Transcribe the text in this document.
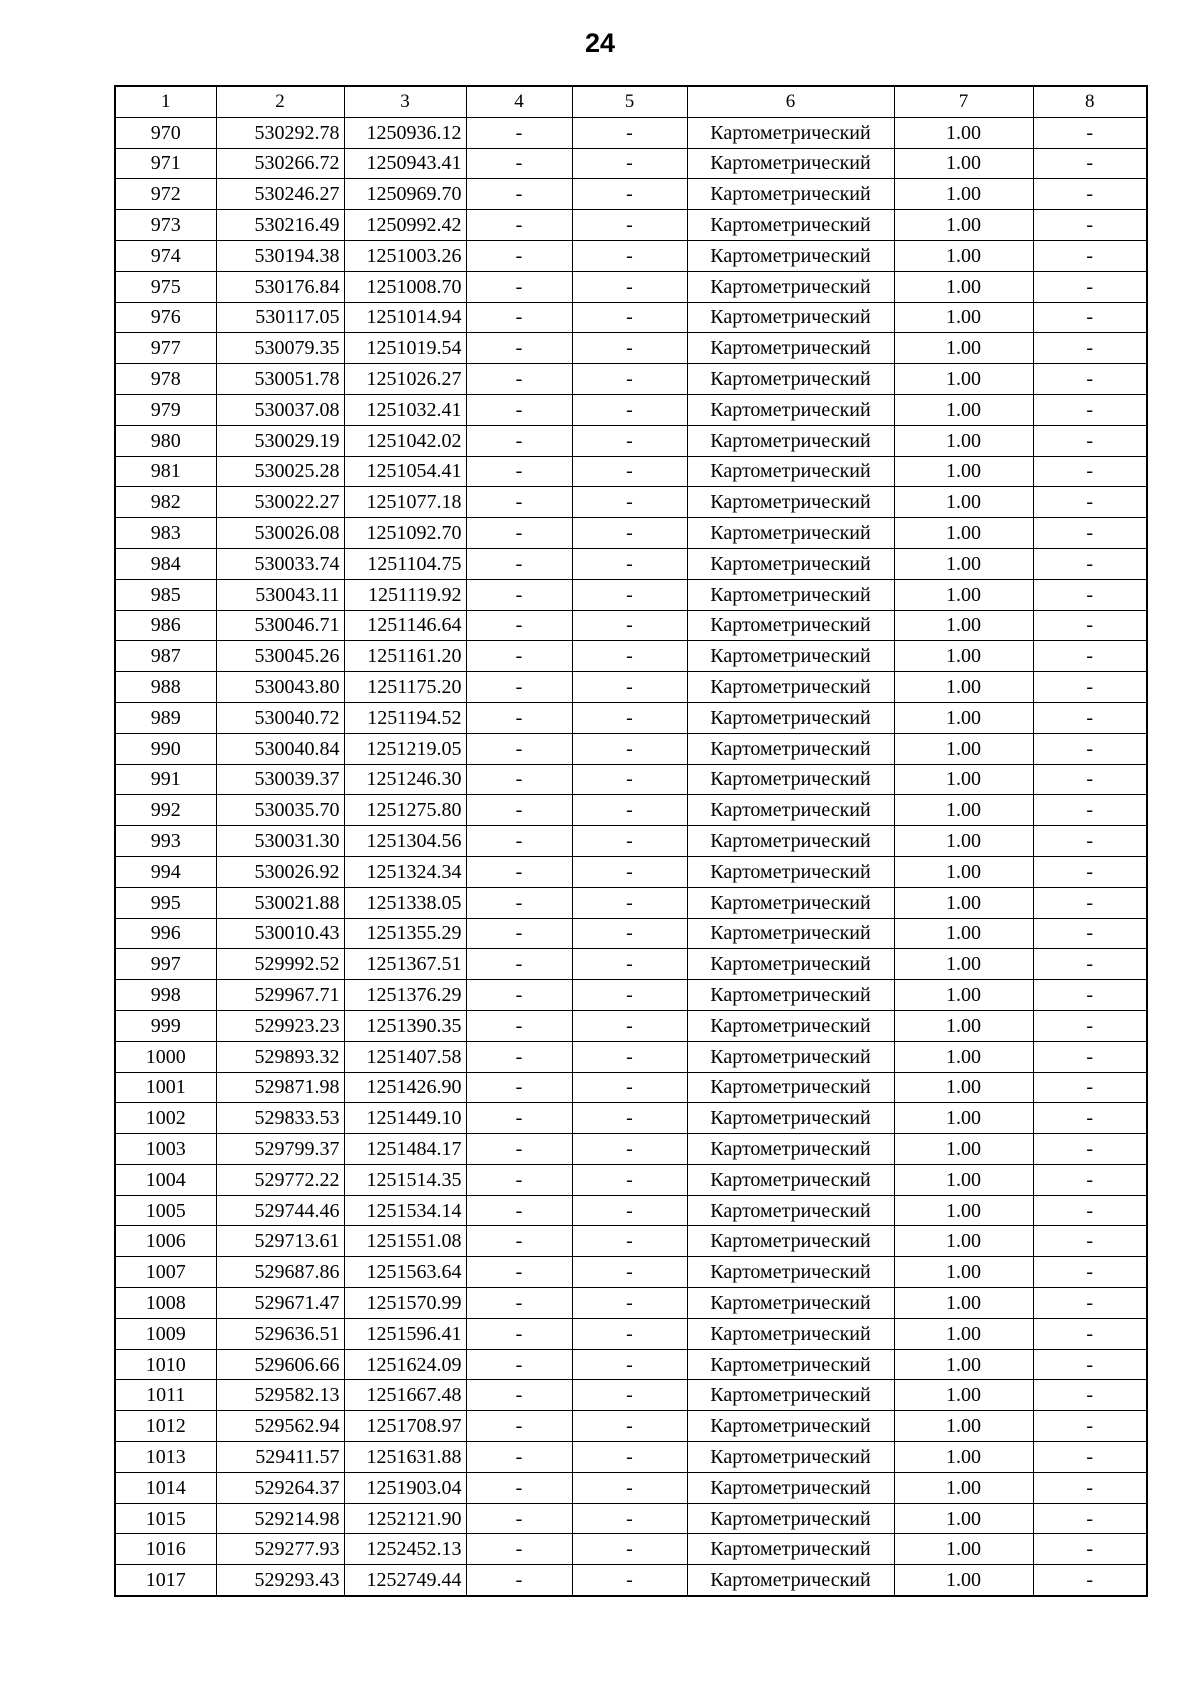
24
1	2	3	4	5	6	7	8
970	530292.78	1250936.12	-	-	Картометрический	1.00	-
971	530266.72	1250943.41	-	-	Картометрический	1.00	-
972	530246.27	1250969.70	-	-	Картометрический	1.00	-
973	530216.49	1250992.42	-	-	Картометрический	1.00	-
974	530194.38	1251003.26	-	-	Картометрический	1.00	-
975	530176.84	1251008.70	-	-	Картометрический	1.00	-
976	530117.05	1251014.94	-	-	Картометрический	1.00	-
977	530079.35	1251019.54	-	-	Картометрический	1.00	-
978	530051.78	1251026.27	-	-	Картометрический	1.00	-
979	530037.08	1251032.41	-	-	Картометрический	1.00	-
980	530029.19	1251042.02	-	-	Картометрический	1.00	-
981	530025.28	1251054.41	-	-	Картометрический	1.00	-
982	530022.27	1251077.18	-	-	Картометрический	1.00	-
983	530026.08	1251092.70	-	-	Картометрический	1.00	-
984	530033.74	1251104.75	-	-	Картометрический	1.00	-
985	530043.11	1251119.92	-	-	Картометрический	1.00	-
986	530046.71	1251146.64	-	-	Картометрический	1.00	-
987	530045.26	1251161.20	-	-	Картометрический	1.00	-
988	530043.80	1251175.20	-	-	Картометрический	1.00	-
989	530040.72	1251194.52	-	-	Картометрический	1.00	-
990	530040.84	1251219.05	-	-	Картометрический	1.00	-
991	530039.37	1251246.30	-	-	Картометрический	1.00	-
992	530035.70	1251275.80	-	-	Картометрический	1.00	-
993	530031.30	1251304.56	-	-	Картометрический	1.00	-
994	530026.92	1251324.34	-	-	Картометрический	1.00	-
995	530021.88	1251338.05	-	-	Картометрический	1.00	-
996	530010.43	1251355.29	-	-	Картометрический	1.00	-
997	529992.52	1251367.51	-	-	Картометрический	1.00	-
998	529967.71	1251376.29	-	-	Картометрический	1.00	-
999	529923.23	1251390.35	-	-	Картометрический	1.00	-
1000	529893.32	1251407.58	-	-	Картометрический	1.00	-
1001	529871.98	1251426.90	-	-	Картометрический	1.00	-
1002	529833.53	1251449.10	-	-	Картометрический	1.00	-
1003	529799.37	1251484.17	-	-	Картометрический	1.00	-
1004	529772.22	1251514.35	-	-	Картометрический	1.00	-
1005	529744.46	1251534.14	-	-	Картометрический	1.00	-
1006	529713.61	1251551.08	-	-	Картометрический	1.00	-
1007	529687.86	1251563.64	-	-	Картометрический	1.00	-
1008	529671.47	1251570.99	-	-	Картометрический	1.00	-
1009	529636.51	1251596.41	-	-	Картометрический	1.00	-
1010	529606.66	1251624.09	-	-	Картометрический	1.00	-
1011	529582.13	1251667.48	-	-	Картометрический	1.00	-
1012	529562.94	1251708.97	-	-	Картометрический	1.00	-
1013	529411.57	1251631.88	-	-	Картометрический	1.00	-
1014	529264.37	1251903.04	-	-	Картометрический	1.00	-
1015	529214.98	1252121.90	-	-	Картометрический	1.00	-
1016	529277.93	1252452.13	-	-	Картометрический	1.00	-
1017	529293.43	1252749.44	-	-	Картометрический	1.00	-
